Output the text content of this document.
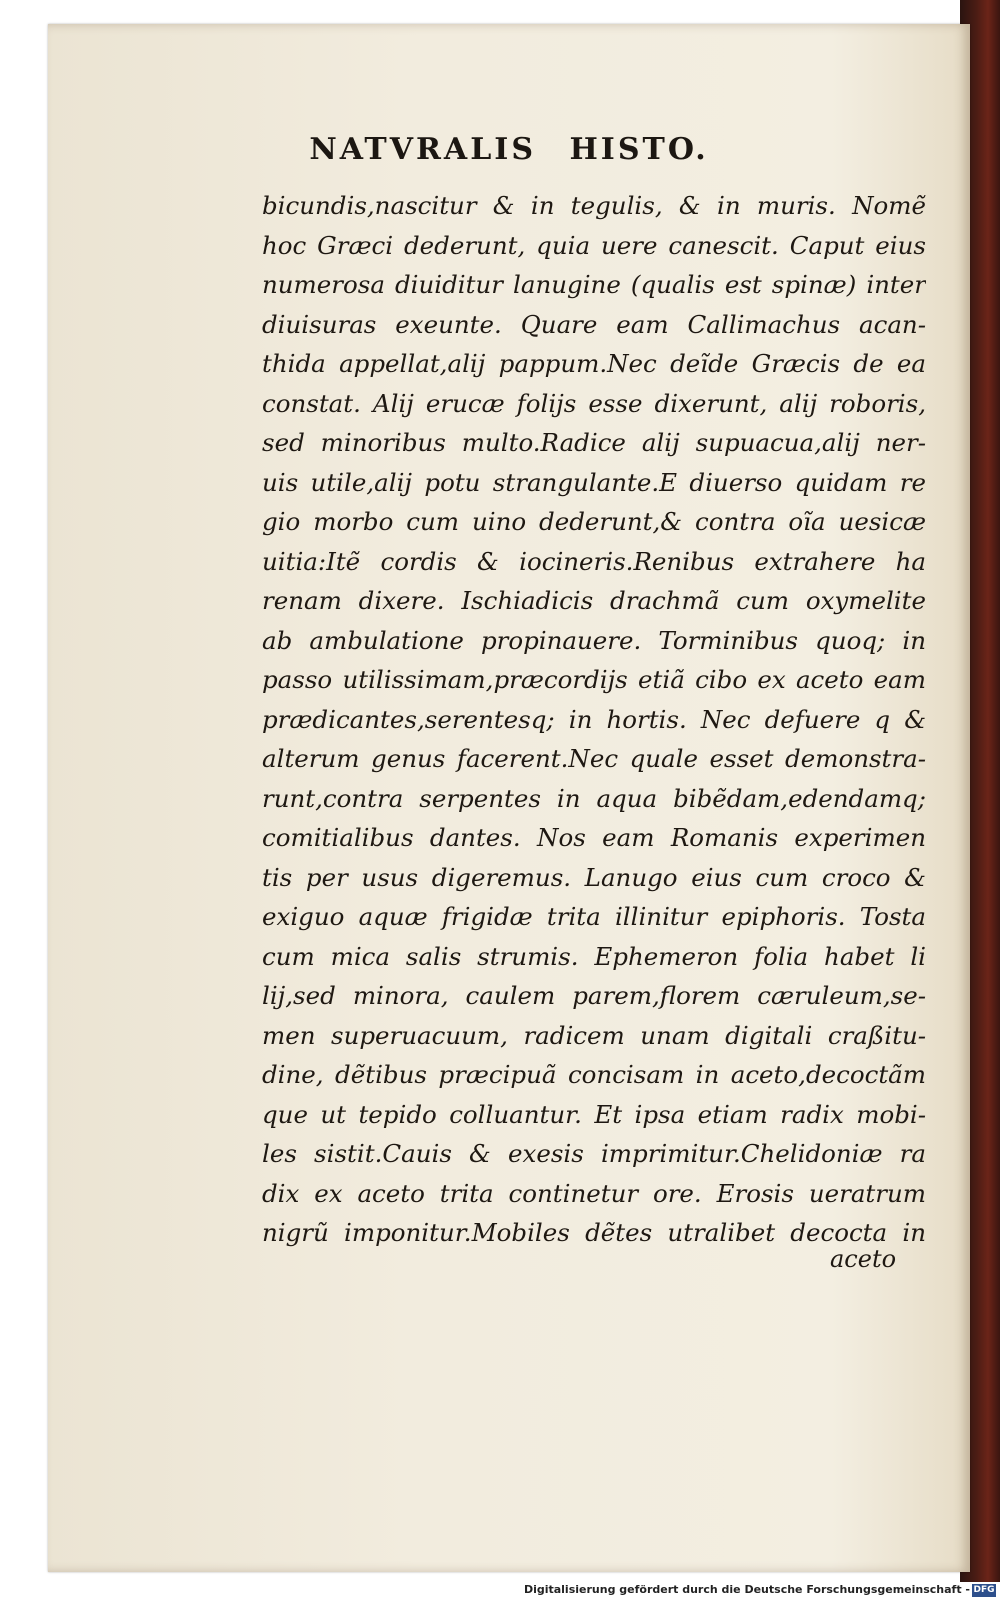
NATVRALIS HISTO.
bicundis,nascitur & in tegulis, & in muris. Nomẽ
hoc Græci dederunt, quia uere canescit. Caput eius
numerosa diuiditur lanugine (qualis est spinæ) inter
diuisuras exeunte. Quare eam Callimachus acan-
thida appellat,alij pappum.Nec deĩde Græcis de ea
constat. Alij erucæ folijs esse dixerunt, alij roboris,
sed minoribus multo.Radice alij supuacua,alij ner-
uis utile,alij potu strangulante.E diuerso quidam re
gio morbo cum uino dederunt,& contra oĩa uesicæ
uitia:Itẽ cordis & iocineris.Renibus extrahere ha
renam dixere. Ischiadicis drachmã cum oxymelite
ab ambulatione propinauere. Torminibus quoq; in
passo utilissimam,præcordijs etiã cibo ex aceto eam
prædicantes,serentesq; in hortis. Nec defuere q &
alterum genus facerent.Nec quale esset demonstra-
runt,contra serpentes in aqua bibẽdam,edendamq;
comitialibus dantes. Nos eam Romanis experimen
tis per usus digeremus. Lanugo eius cum croco &
exiguo aquæ frigidæ trita illinitur epiphoris. Tosta
cum mica salis strumis. Ephemeron folia habet li
lij,sed minora, caulem parem,florem cæruleum,se-
men superuacuum, radicem unam digitali craßitu-
dine, dẽtibus præcipuã concisam in aceto,decoctãm
que ut tepido colluantur. Et ipsa etiam radix mobi-
les sistit.Cauis & exesis imprimitur.Chelidoniæ ra
dix ex aceto trita continetur ore. Erosis ueratrum
nigrũ imponitur.Mobiles dẽtes utralibet decocta in
aceto
Digitalisierung gefördert durch die Deutsche Forschungsgemeinschaft - DFG
